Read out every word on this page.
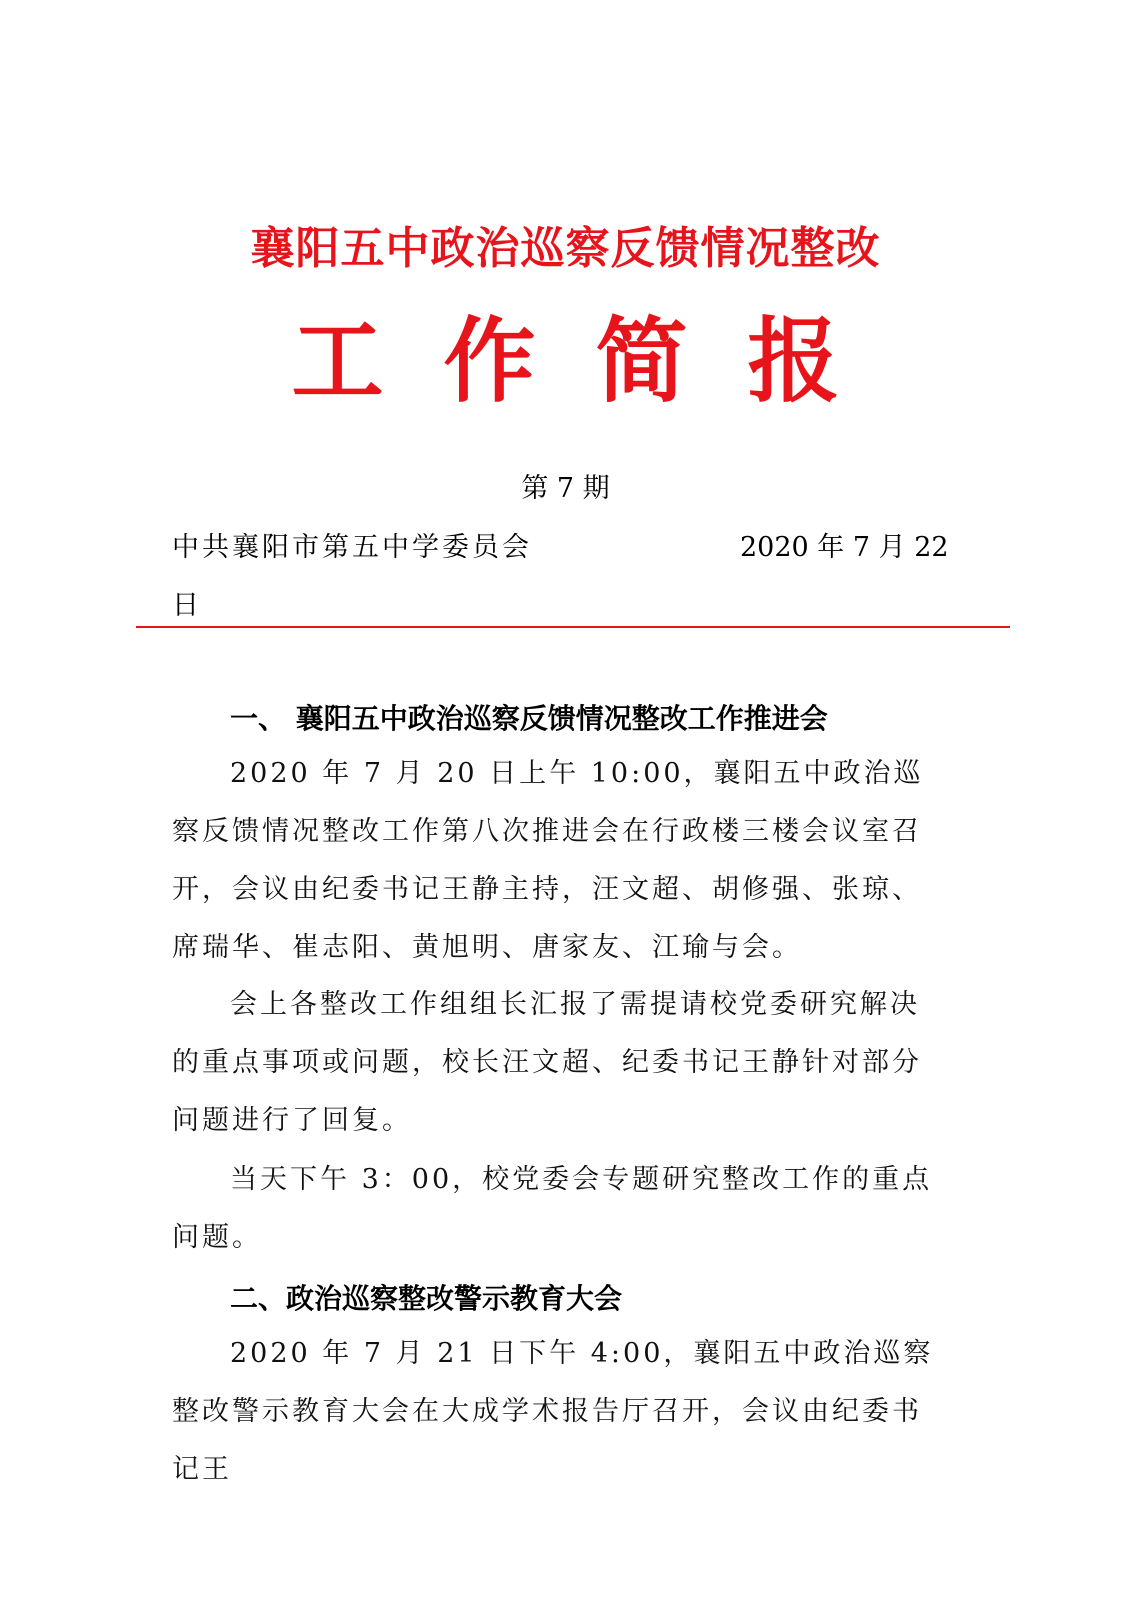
襄阳五中政治巡察反馈情况整改
工作简报
第 7 期
中共襄阳市第五中学委员会	2020 年 7 月 22
日
一、 襄阳五中政治巡察反馈情况整改工作推进会
2020 年 7 月 20 日上午 10:00，襄阳五中政治巡察反馈情况整改工作第八次推进会在行政楼三楼会议室召开，会议由纪委书记王静主持，汪文超、胡修强、张琼、席瑞华、崔志阳、黄旭明、唐家友、江瑜与会。
会上各整改工作组组长汇报了需提请校党委研究解决的重点事项或问题，校长汪文超、纪委书记王静针对部分问题进行了回复。
当天下午 3：00，校党委会专题研究整改工作的重点问题。
二、政治巡察整改警示教育大会
2020 年 7 月 21 日下午 4:00，襄阳五中政治巡察整改警示教育大会在大成学术报告厅召开，会议由纪委书记王
